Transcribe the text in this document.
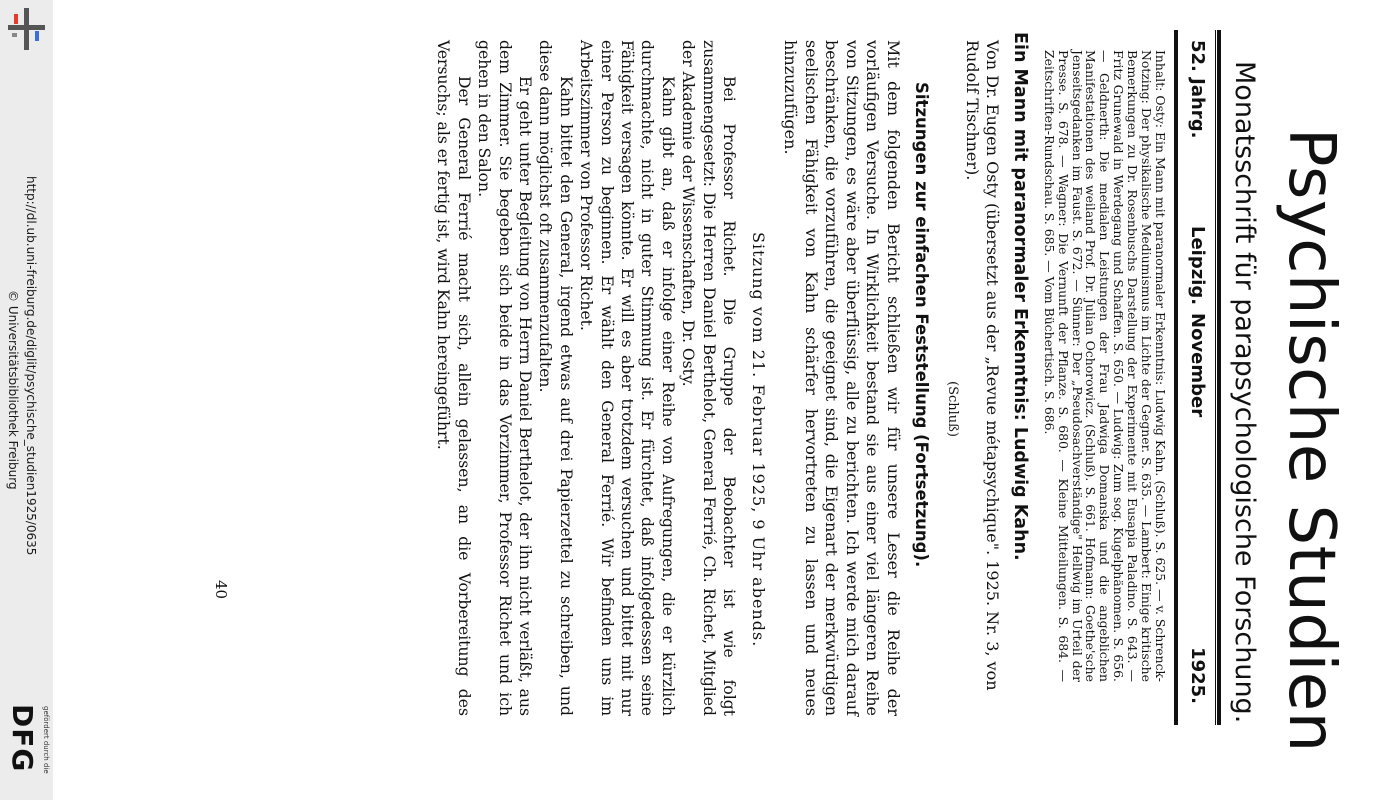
http://dl.ub.uni-freiburg.de/diglit/psychische_studien1925/0635
© Universitätsbibliothek Freiburg
gefördert durch die
DFG	Psychische Studien
Monatsschrift für parapsychologische Forschung.
52. Jahrg.
Leipzig.
November
1925.
Inhalt: Osty: Ein Mann mit paranormaler Erkenntnis: Ludwig Kahn. (Schluß). S. 625. — v. Schrenck-Notzing: Der physikalische Mediumismus im Lichte der Gegner. S. 635. — Lambert: Einige kritische Bemerkungen zu Dr. Rosenbuschs Darstellung der Experimente mit Eusapia Paladino. S. 643. — Fritz Grunewald in Werdegang und Schaffen. S. 650. — Ludwig: Zum sog. Kugelphänomen. S. 656. — Geldnerth: Die medialen Leistungen der Frau Jadwiga Domanska und die angeblichen Manifestationen des weiland Prof. Dr. Julian Ochorowicz. (Schluß). S. 661. Hofmann: Goethe'sche Jenseitsgedanken im Faust. S. 672. — Sünner: Der „Pseudosachverständige" Hellwig im Urteil der Presse. S. 678. — Wagner: Die Vernunft der Pflanze. S. 680. — Kleine Mitteilungen. S. 684. — Zeitschriften-Rundschau. S. 685. — Vom Büchertisch. S. 686.
Ein Mann mit paranormaler Erkenntnis: Ludwig Kahn.
Von Dr. Eugen Osty (übersetzt aus der „Revue métapsychique". 1925. Nr. 3, von Rudolf Tischner).
(Schluß)
Sitzungen zur einfachen Feststellung (Fortsetzung).
Mit dem folgenden Bericht schließen wir für unsere Leser die Reihe der vorläufigen Versuche. In Wirklichkeit bestand sie aus einer viel längeren Reihe von Sitzungen, es wäre aber überflüssig, alle zu berichten. Ich werde mich darauf beschränken, die vorzuführen, die geeignet sind, die Eigenart der merkwürdigen seelischen Fähigkeit von Kahn schärfer hervortreten zu lassen und neues hinzuzufügen.
Sitzung vom 21. Februar 1925, 9 Uhr abends.

Bei Professor Richet. Die Gruppe der Beobachter ist wie folgt zusammengesetzt: Die Herren Daniel Berthelot, General Ferrié, Ch. Richet, Mitglied der Akademie der Wissenschaften, Dr. Osty.

Kahn gibt an, daß er infolge einer Reihe von Aufregungen, die er kürzlich durchmachte, nicht in guter Stimmung ist. Er fürchtet, daß infolgedessen seine Fähigkeit versagen könnte. Er will es aber trotzdem versuchen und bittet mit nur einer Person zu beginnen. Er wählt den General Ferrié. Wir befinden uns im Arbeitszimmer von Professor Richet.

Kahn bittet den General, irgend etwas auf drei Papierzettel zu schreiben, und diese dann möglichst oft zusammenzufalten.

Er geht unter Begleitung von Herrn Daniel Berthelot, der ihn nicht verläßt, aus dem Zimmer. Sie begeben sich beide in das Vorzimmer, Professor Richet und ich gehen in den Salon.

Der General Ferrié macht sich, allein gelassen, an die Vorbereitung des Versuchs; als er fertig ist, wird Kahn hereingeführt.

40
